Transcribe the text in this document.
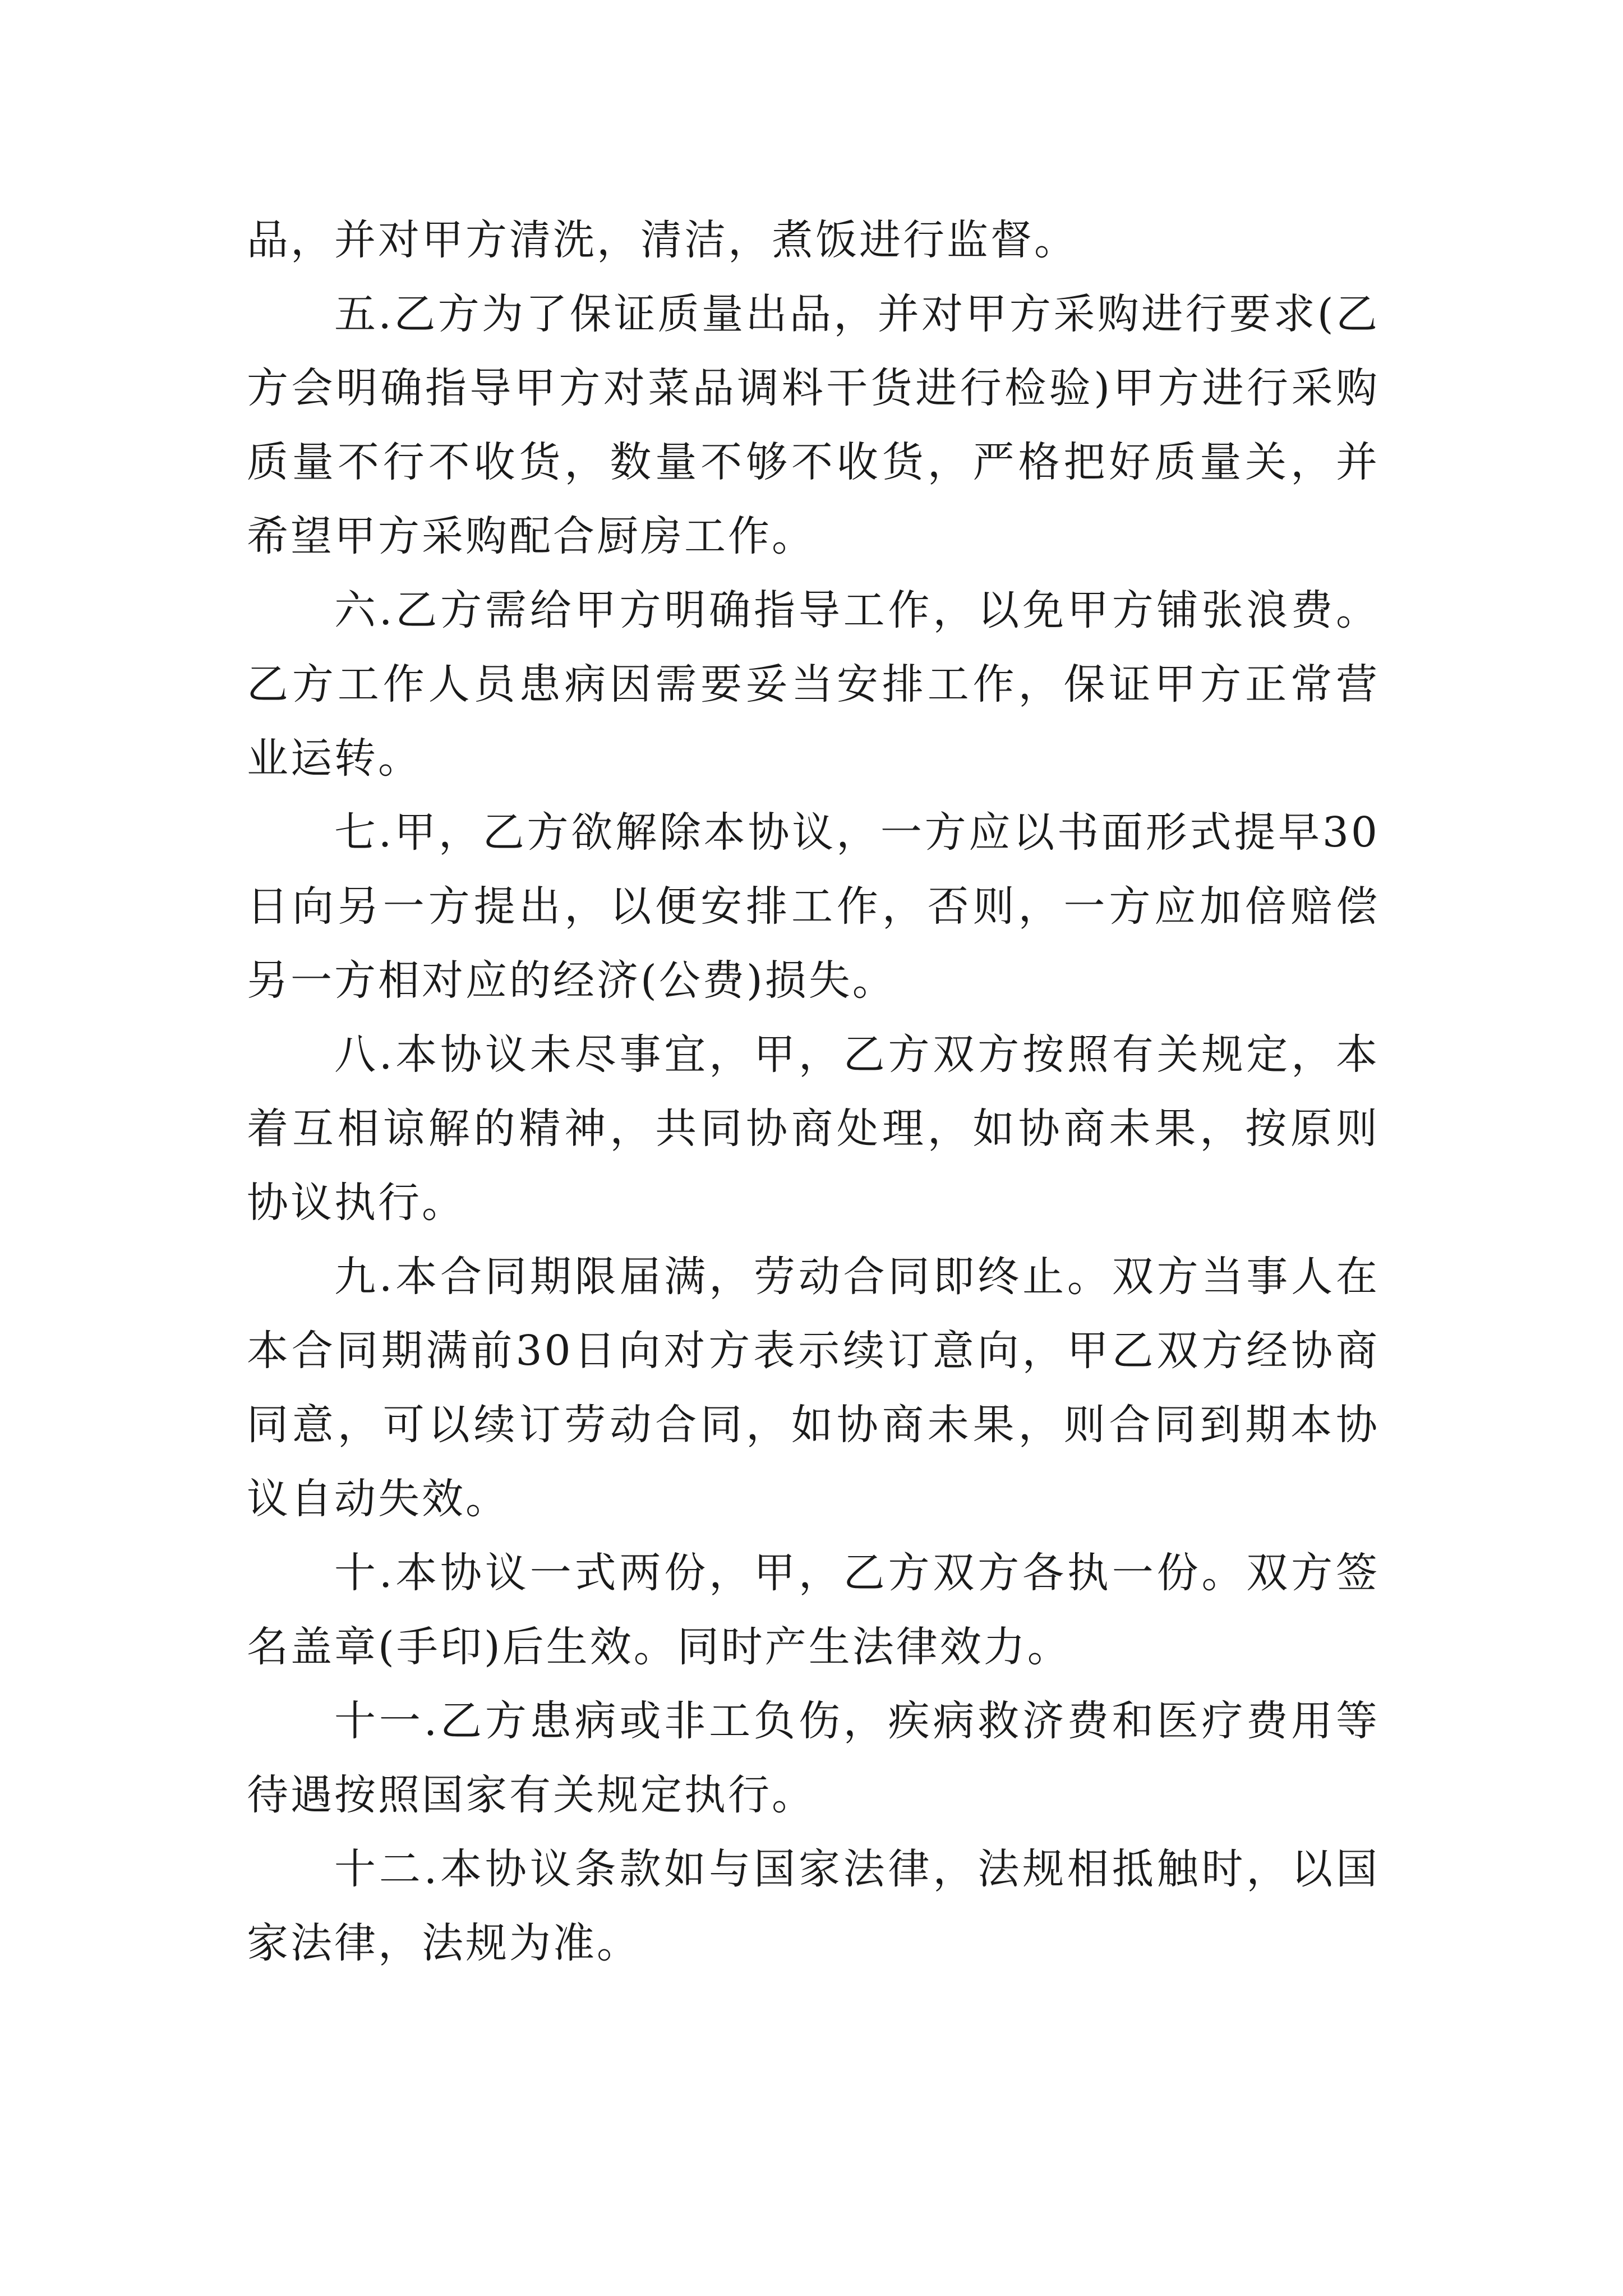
品，并对甲方清洗，清洁，煮饭进行监督。

五.乙方为了保证质量出品，并对甲方采购进行要求(乙方会明确指导甲方对菜品调料干货进行检验)甲方进行采购质量不行不收货，数量不够不收货，严格把好质量关，并希望甲方采购配合厨房工作。

六.乙方需给甲方明确指导工作，以免甲方铺张浪费。乙方工作人员患病因需要妥当安排工作，保证甲方正常营业运转。

七.甲，乙方欲解除本协议，一方应以书面形式提早30日向另一方提出，以便安排工作，否则，一方应加倍赔偿另一方相对应的经济(公费)损失。

八.本协议未尽事宜，甲，乙方双方按照有关规定，本着互相谅解的精神，共同协商处理，如协商未果，按原则协议执行。

九.本合同期限届满，劳动合同即终止。双方当事人在本合同期满前30日向对方表示续订意向，甲乙双方经协商同意，可以续订劳动合同，如协商未果，则合同到期本协议自动失效。

十.本协议一式两份，甲，乙方双方各执一份。双方签名盖章(手印)后生效。同时产生法律效力。

十一.乙方患病或非工负伤，疾病救济费和医疗费用等待遇按照国家有关规定执行。

十二.本协议条款如与国家法律，法规相抵触时，以国家法律，法规为准。
